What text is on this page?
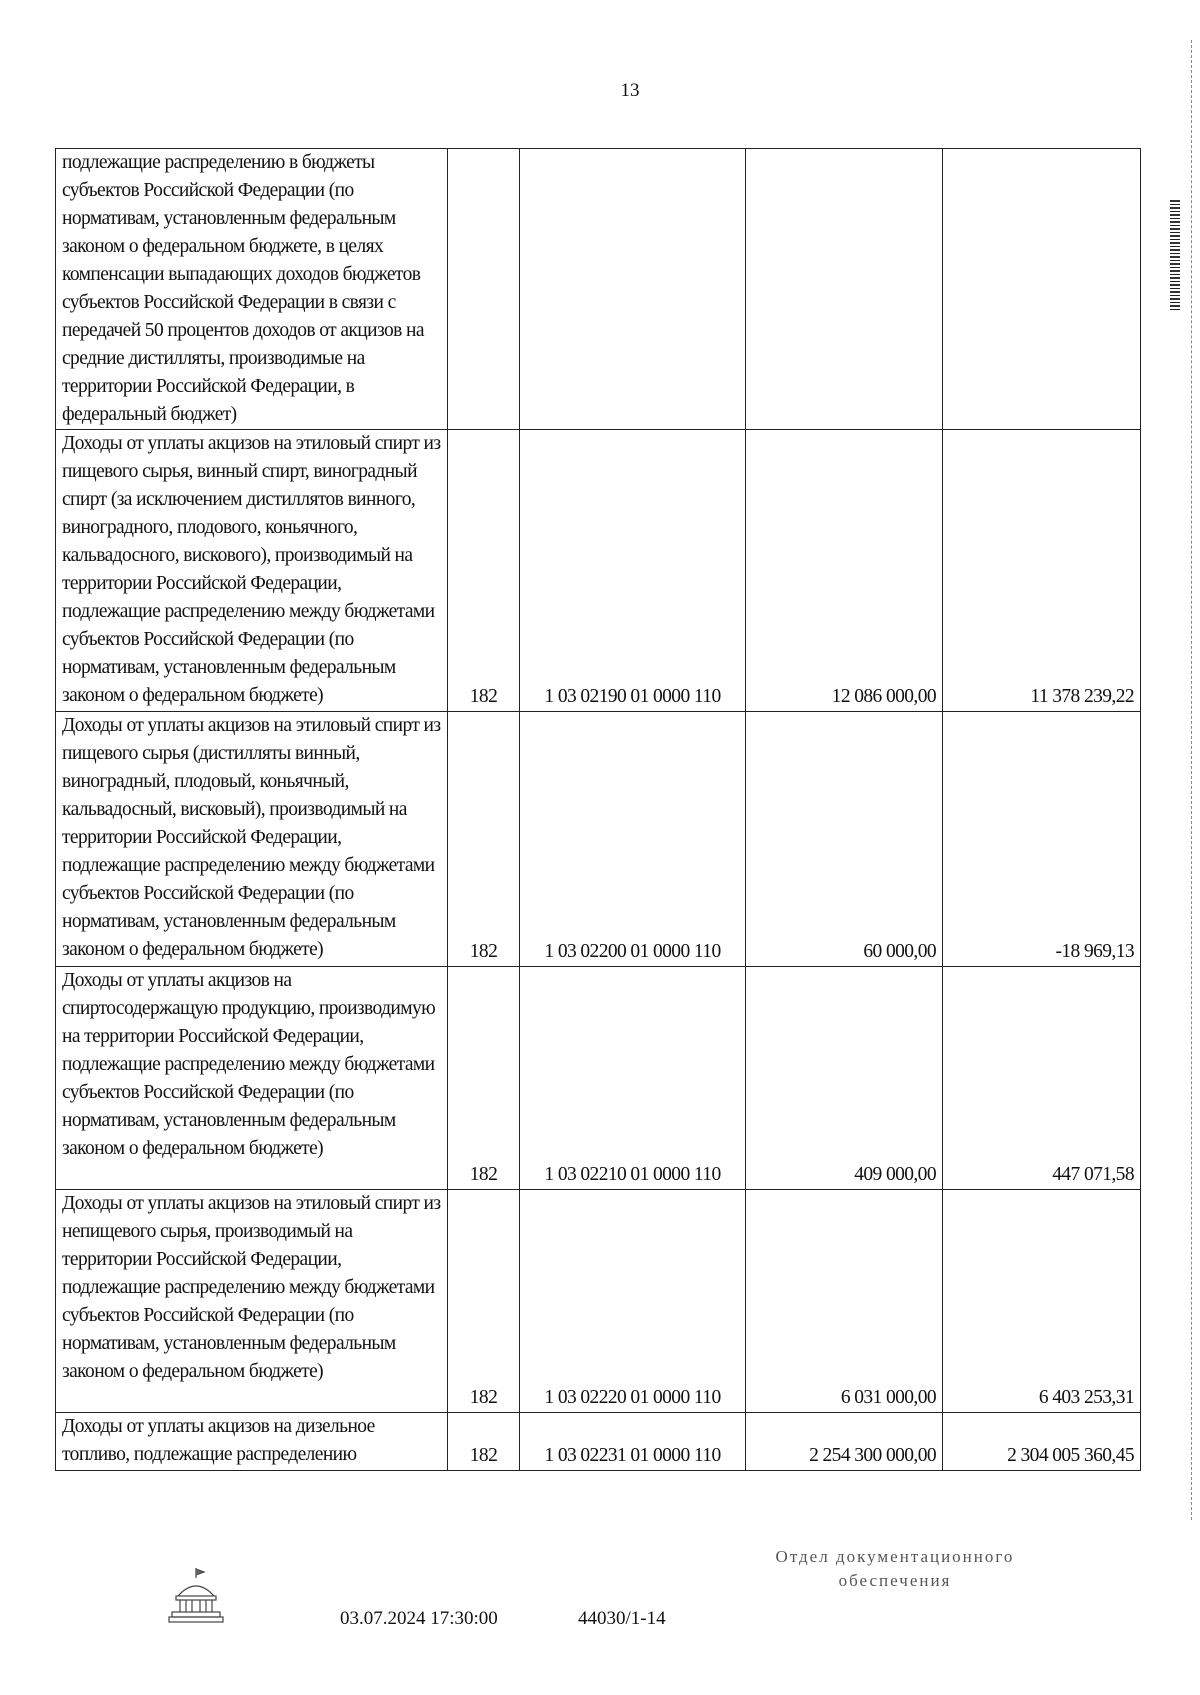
13
подлежащие распределению в бюджеты субъектов Российской Федерации (по нормативам, установленным федеральным законом о федеральном бюджете, в целях компенсации выпадающих доходов бюджетов субъектов Российской Федерации в связи с передачей 50 процентов доходов от акцизов на средние дистилляты, производимые на территории Российской Федерации, в федеральный бюджет)				
Доходы от уплаты акцизов на этиловый спирт из пищевого сырья, винный спирт, виноградный спирт (за исключением дистиллятов винного, виноградного, плодового, коньячного, кальвадосного, вискового), производимый на территории Российской Федерации, подлежащие распределению между бюджетами субъектов Российской Федерации (по нормативам, установленным федеральным законом о федеральном бюджете)	182	1 03 02190 01 0000 110	12 086 000,00	11 378 239,22
Доходы от уплаты акцизов на этиловый спирт из пищевого сырья (дистилляты винный, виноградный, плодовый, коньячный, кальвадосный, висковый), производимый на территории Российской Федерации, подлежащие распределению между бюджетами субъектов Российской Федерации (по нормативам, установленным федеральным законом о федеральном бюджете)	182	1 03 02200 01 0000 110	60 000,00	-18 969,13
Доходы от уплаты акцизов на спиртосодержащую продукцию, производимую на территории Российской Федерации, подлежащие распределению между бюджетами субъектов Российской Федерации (по нормативам, установленным федеральным законом о федеральном бюджете)	182	1 03 02210 01 0000 110	409 000,00	447 071,58
Доходы от уплаты акцизов на этиловый спирт из непищевого сырья, производимый на территории Российской Федерации, подлежащие распределению между бюджетами субъектов Российской Федерации (по нормативам, установленным федеральным законом о федеральном бюджете)	182	1 03 02220 01 0000 110	6 031 000,00	6 403 253,31
Доходы от уплаты акцизов на дизельное топливо, подлежащие распределению	182	1 03 02231 01 0000 110	2 254 300 000,00	2 304 005 360,45
03.07.2024 17:30:00	44030/1-14
Отдел документационного
обеспечения
